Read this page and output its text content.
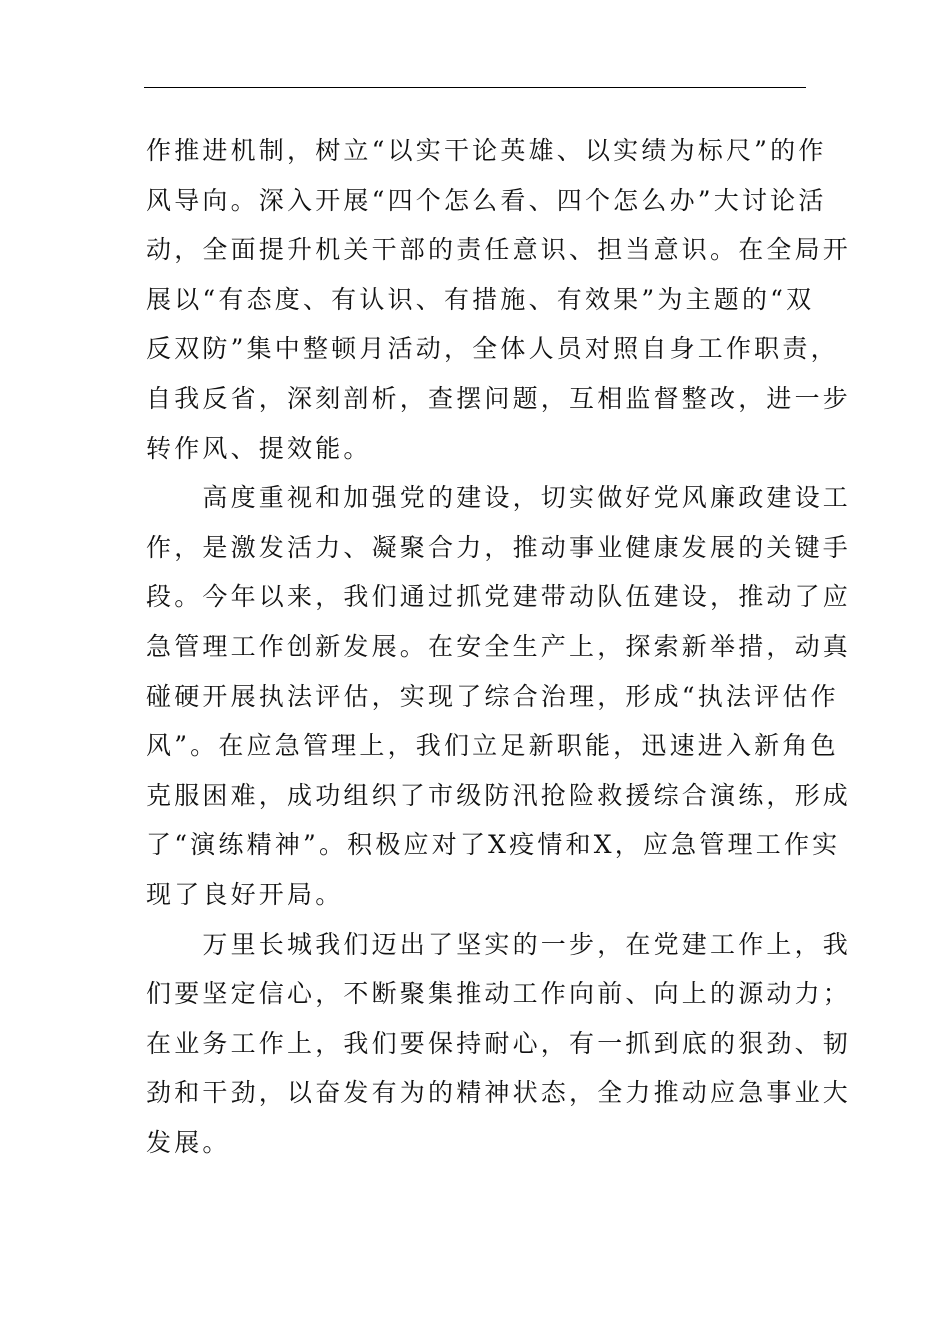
作推进机制，树立“以实干论英雄、以实绩为标尺”的作
风导向。深入开展“四个怎么看、四个怎么办”大讨论活
动，全面提升机关干部的责任意识、担当意识。在全局开
展以“有态度、有认识、有措施、有效果”为主题的“双
反双防”集中整顿月活动，全体人员对照自身工作职责，
自我反省，深刻剖析，查摆问题，互相监督整改，进一步
转作风、提效能。
　　高度重视和加强党的建设，切实做好党风廉政建设工
作，是激发活力、凝聚合力，推动事业健康发展的关键手
段。今年以来，我们通过抓党建带动队伍建设，推动了应
急管理工作创新发展。在安全生产上，探索新举措，动真
碰硬开展执法评估，实现了综合治理，形成“执法评估作
风”。在应急管理上，我们立足新职能，迅速进入新角色
克服困难，成功组织了市级防汛抢险救援综合演练，形成
了“演练精神”。积极应对了X疫情和X，应急管理工作实
现了良好开局。
　　万里长城我们迈出了坚实的一步，在党建工作上，我
们要坚定信心，不断聚集推动工作向前、向上的源动力；
在业务工作上，我们要保持耐心，有一抓到底的狠劲、韧
劲和干劲，以奋发有为的精神状态，全力推动应急事业大
发展。
